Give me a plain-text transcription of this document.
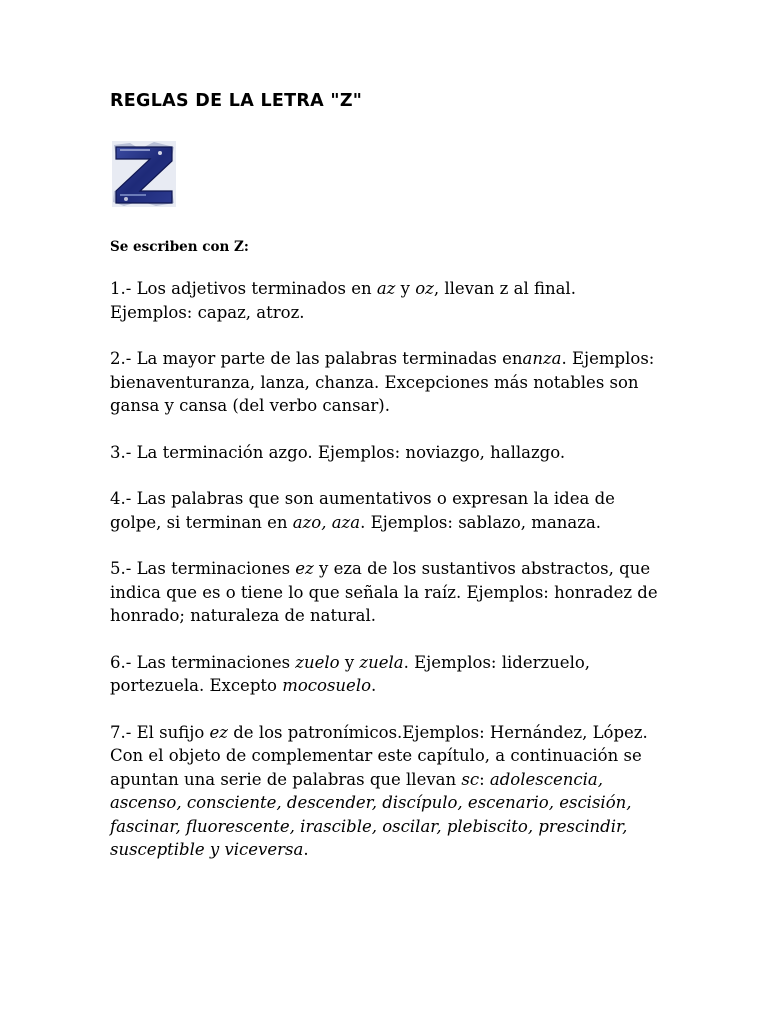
REGLAS DE LA LETRA "Z"
Se escriben con Z:

1.- Los adjetivos terminados en az y oz, llevan z al final. Ejemplos: capaz, atroz.

2.- La mayor parte de las palabras terminadas enanza. Ejemplos: bienaventuranza, lanza, chanza. Excepciones más notables son gansa y cansa (del verbo cansar).

3.- La terminación azgo. Ejemplos: noviazgo, hallazgo.

4.- Las palabras que son aumentativos o expresan la idea de golpe, si terminan en azo, aza. Ejemplos: sablazo, manaza.

5.- Las terminaciones ez y eza de los sustantivos abstractos, que indica que es o tiene lo que señala la raíz. Ejemplos: honradez de honrado; naturaleza de natural.

6.- Las terminaciones zuelo y zuela. Ejemplos: liderzuelo, portezuela. Excepto mocosuelo.

7.- El sufijo ez de los patronímicos.Ejemplos: Hernández, López.

Con el objeto de complementar este capítulo, a continuación se apuntan una serie de palabras que llevan sc: adolescencia, ascenso, consciente, descender, discípulo, escenario, escisión, fascinar, fluorescente, irascible, oscilar, plebiscito, prescindir, susceptible y viceversa.
